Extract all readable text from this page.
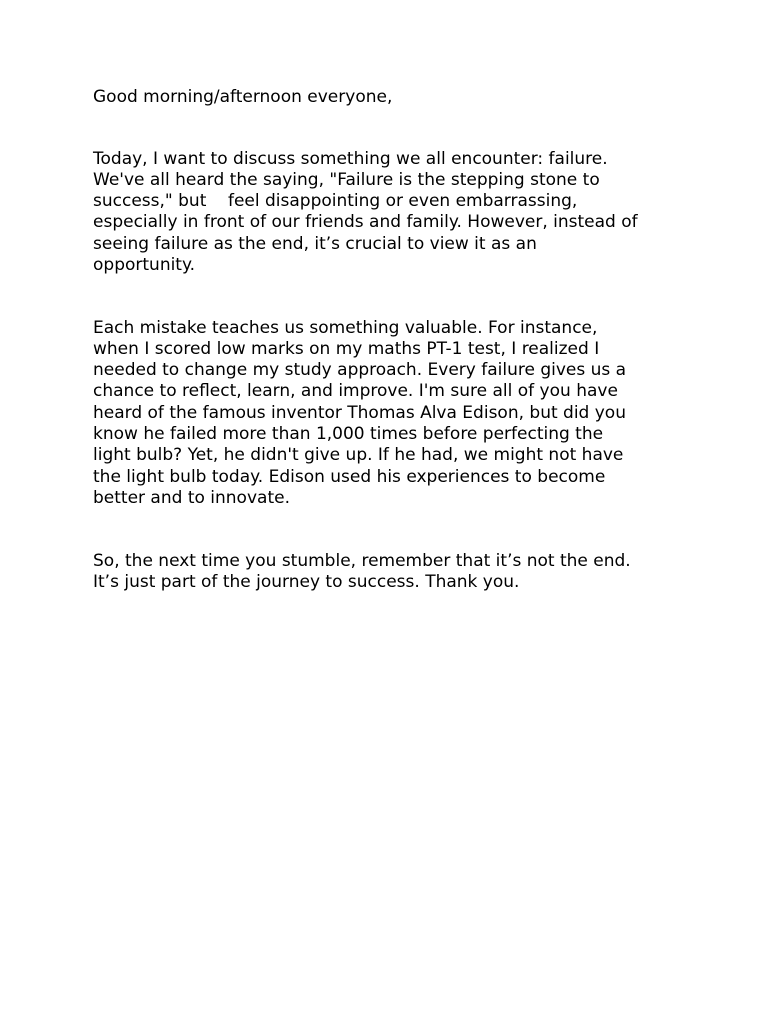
Good morning/afternoon everyone,

Today, I want to discuss something we all encounter: failure.

We've all heard the saying, "Failure is the stepping stone to

success," but    feel disappointing or even embarrassing,

especially in front of our friends and family. However, instead of

seeing failure as the end, it’s crucial to view it as an

opportunity.

Each mistake teaches us something valuable. For instance,

when I scored low marks on my maths PT-1 test, I realized I

needed to change my study approach. Every failure gives us a

chance to reflect, learn, and improve. I'm sure all of you have

heard of the famous inventor Thomas Alva Edison, but did you

know he failed more than 1,000 times before perfecting the

light bulb? Yet, he didn't give up. If he had, we might not have

the light bulb today. Edison used his experiences to become

better and to innovate.

So, the next time you stumble, remember that it’s not the end.

It’s just part of the journey to success. Thank you.
